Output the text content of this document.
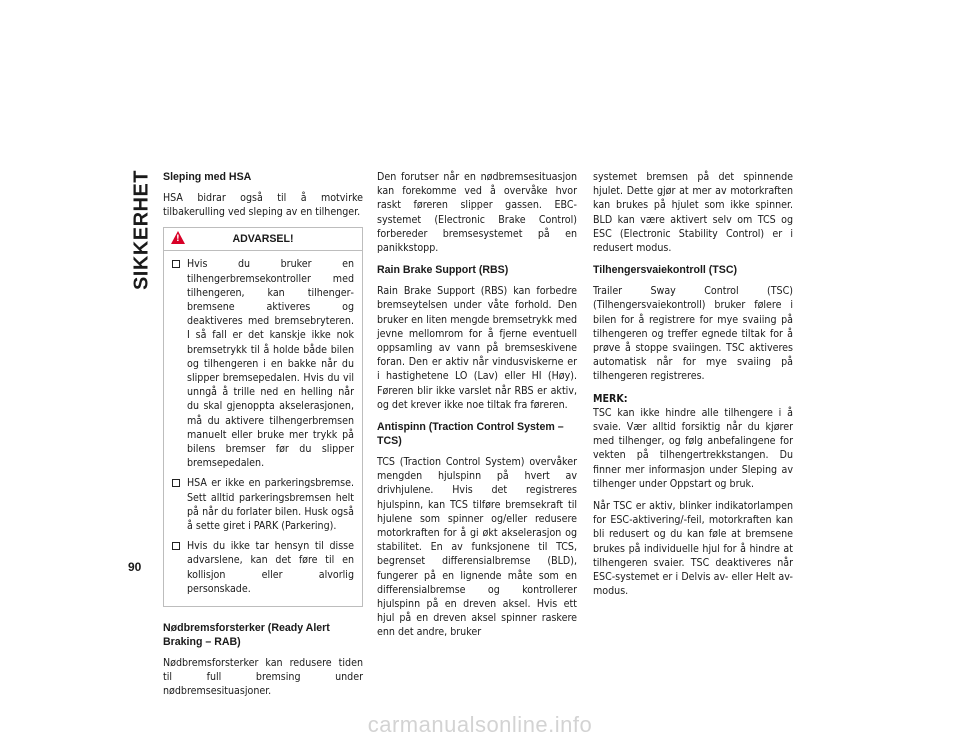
SIKKERHET
90
Sleping med HSA

HSA bidrar også til å motvirke tilbakerulling ved sleping av en tilhenger.

!	ADVARSEL!
Hvis du bruker en tilhengerbremsekontroller med tilhengeren, kan tilhengerbremsene aktiveres og deaktiveres med bremsebryteren. I så fall er det kanskje ikke nok bremsetrykk til å holde både bilen og tilhengeren i en bakke når du slipper bremsepedalen. Hvis du vil unngå å trille ned en helling når du skal gjenoppta akselerasjonen, må du aktivere tilhengerbremsen manuelt eller bruke mer trykk på bilens bremser før du slipper bremsepedalen.
HSA er ikke en parkeringsbremse. Sett alltid parkeringsbremsen helt på når du forlater bilen. Husk også å sette giret i PARK (Parkering).
Hvis du ikke tar hensyn til disse advarslene, kan det føre til en kollisjon eller alvorlig personskade.
Nødbremsforsterker (Ready Alert Braking – RAB)

Nødbremsforsterker kan redusere tiden til full bremsing under nødbremsesituasjoner.

Den forutser når en nødbremsesituasjon kan forekomme ved å overvåke hvor raskt føreren slipper gassen. EBC-systemet (Electronic Brake Control) forbereder bremsesystemet på en panikkstopp.

Rain Brake Support (RBS)

Rain Brake Support (RBS) kan forbedre bremseytelsen under våte forhold. Den bruker en liten mengde bremsetrykk med jevne mellomrom for å fjerne eventuell oppsamling av vann på bremseskivene foran. Den er aktiv når vindusviskerne er i hastighetene LO (Lav) eller HI (Høy). Føreren blir ikke varslet når RBS er aktiv, og det krever ikke noe tiltak fra føreren.

Antispinn (Traction Control System – TCS)

TCS (Traction Control System) overvåker mengden hjulspinn på hvert av drivhjulene. Hvis det registreres hjulspinn, kan TCS tilføre bremsekraft til hjulene som spinner og/eller redusere motorkraften for å gi økt akselerasjon og stabilitet. En av funksjonene til TCS, begrenset differensialbremse (BLD), fungerer på en lignende måte som en differensialbremse og kontrollerer hjulspinn på en dreven aksel. Hvis ett hjul på en dreven aksel spinner raskere enn det andre, bruker

systemet bremsen på det spinnende hjulet. Dette gjør at mer av motorkraften kan brukes på hjulet som ikke spinner. BLD kan være aktivert selv om TCS og ESC (Electronic Stability Control) er i redusert modus.

Tilhengersvaiekontroll (TSC)

Trailer Sway Control (TSC) (Tilhengersvaiekontroll) bruker følere i bilen for å registrere for mye svaiing på tilhengeren og treffer egnede tiltak for å prøve å stoppe svaiingen. TSC aktiveres automatisk når for mye svaiing på tilhengeren registreres.

MERK:

TSC kan ikke hindre alle tilhengere i å svaie. Vær alltid forsiktig når du kjører med tilhenger, og følg anbefalingene for vekten på tilhengertrekkstangen. Du finner mer informasjon under Sleping av tilhenger under Oppstart og bruk.

Når TSC er aktiv, blinker indikatorlampen for ESC-aktivering/-feil, motorkraften kan bli redusert og du kan føle at bremsene brukes på individuelle hjul for å hindre at tilhengeren svaier. TSC deaktiveres når ESC-systemet er i Delvis av- eller Helt av-modus.

carmanualsonline.info
